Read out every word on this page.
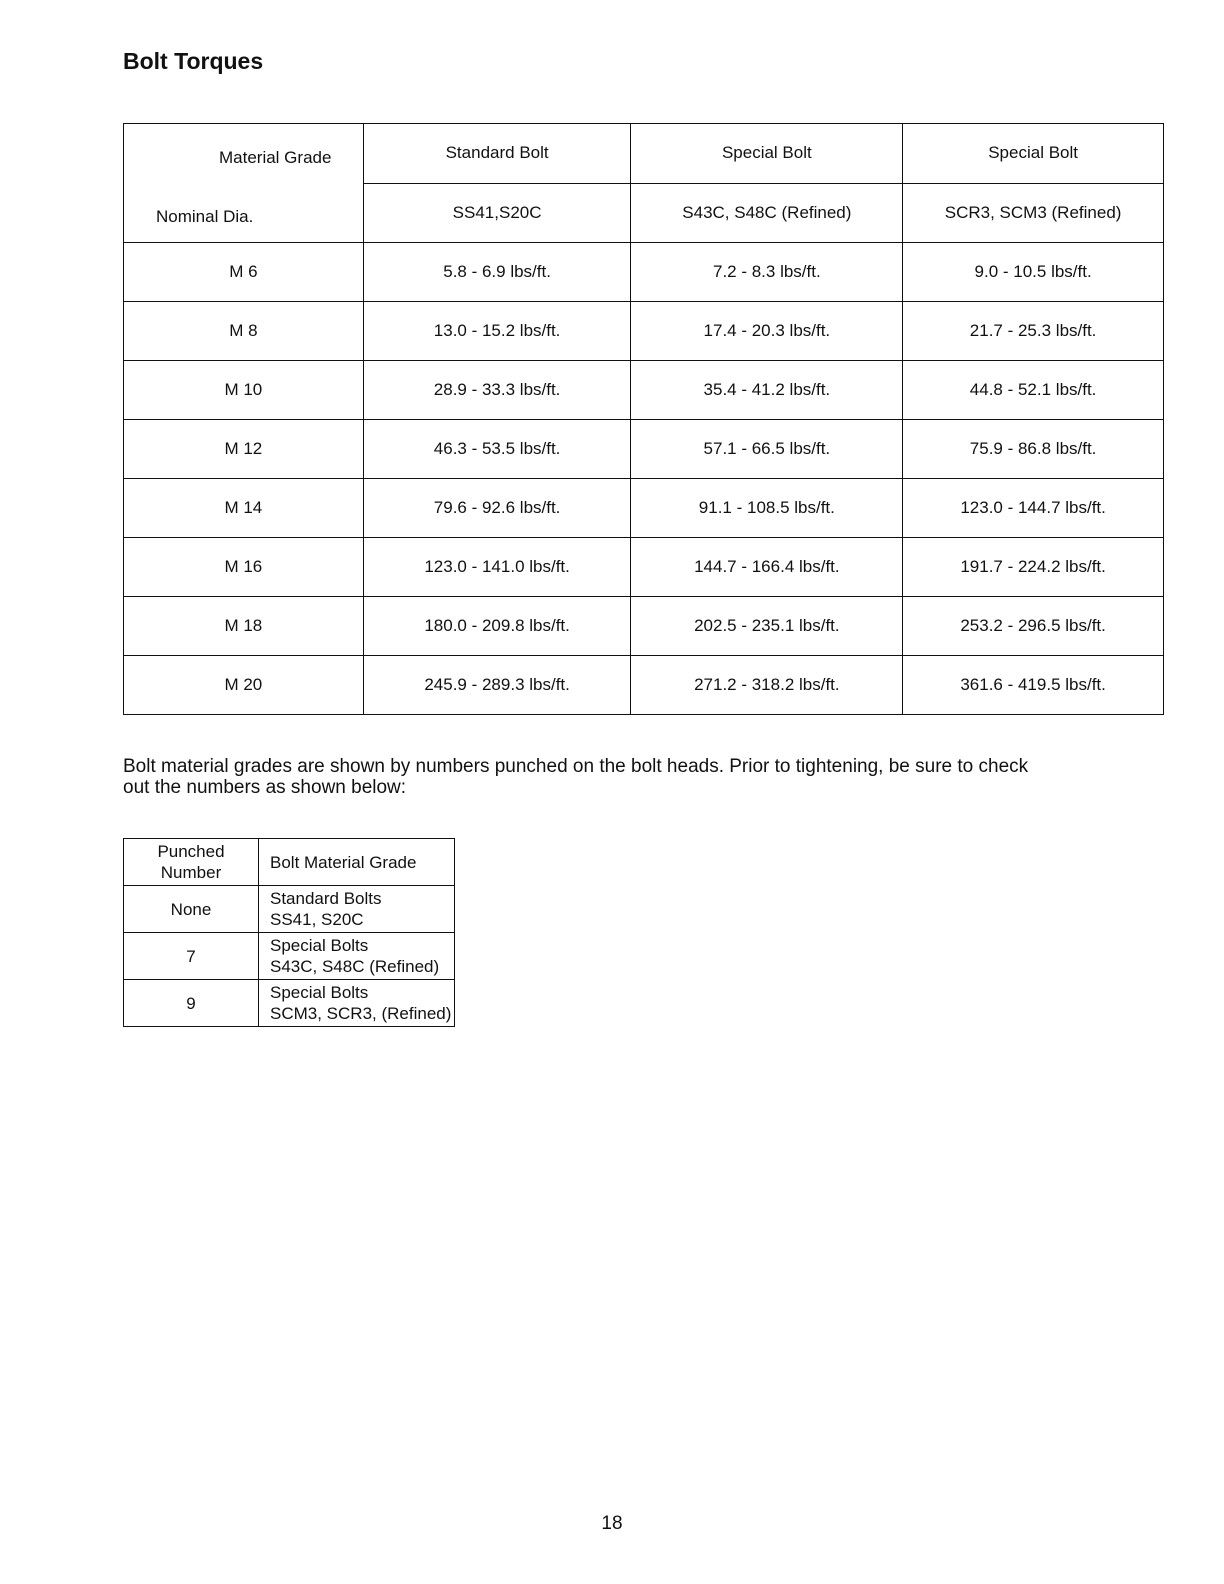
Bolt Torques
Material Grade
Nominal Dia.	Standard Bolt	Special Bolt	Special Bolt
	SS41,S20C	S43C, S48C (Refined)	SCR3, SCM3 (Refined)
M 6	5.8 - 6.9 lbs/ft.	7.2 - 8.3 lbs/ft.	9.0 - 10.5 lbs/ft.
M 8	13.0 - 15.2 lbs/ft.	17.4 - 20.3 lbs/ft.	21.7 - 25.3 lbs/ft.
M 10	28.9 - 33.3 lbs/ft.	35.4 - 41.2 lbs/ft.	44.8 - 52.1 lbs/ft.
M 12	46.3 - 53.5 lbs/ft.	57.1 - 66.5 lbs/ft.	75.9 - 86.8 lbs/ft.
M 14	79.6 - 92.6 lbs/ft.	91.1 - 108.5 lbs/ft.	123.0 - 144.7 lbs/ft.
M 16	123.0 - 141.0 lbs/ft.	144.7 - 166.4 lbs/ft.	191.7 - 224.2 lbs/ft.
M 18	180.0 - 209.8 lbs/ft.	202.5 - 235.1 lbs/ft.	253.2 - 296.5 lbs/ft.
M 20	245.9 - 289.3 lbs/ft.	271.2 - 318.2 lbs/ft.	361.6 - 419.5 lbs/ft.

Bolt material grades are shown by numbers punched on the bolt heads. Prior to tightening, be sure to check out the numbers as shown below:

Punched Number	Bolt Material Grade
None	Standard Bolts
SS41, S20C

7	Special Bolts
S43C, S48C (Refined)

9	Special Bolts
SCM3, SCR3, (Refined)

18
